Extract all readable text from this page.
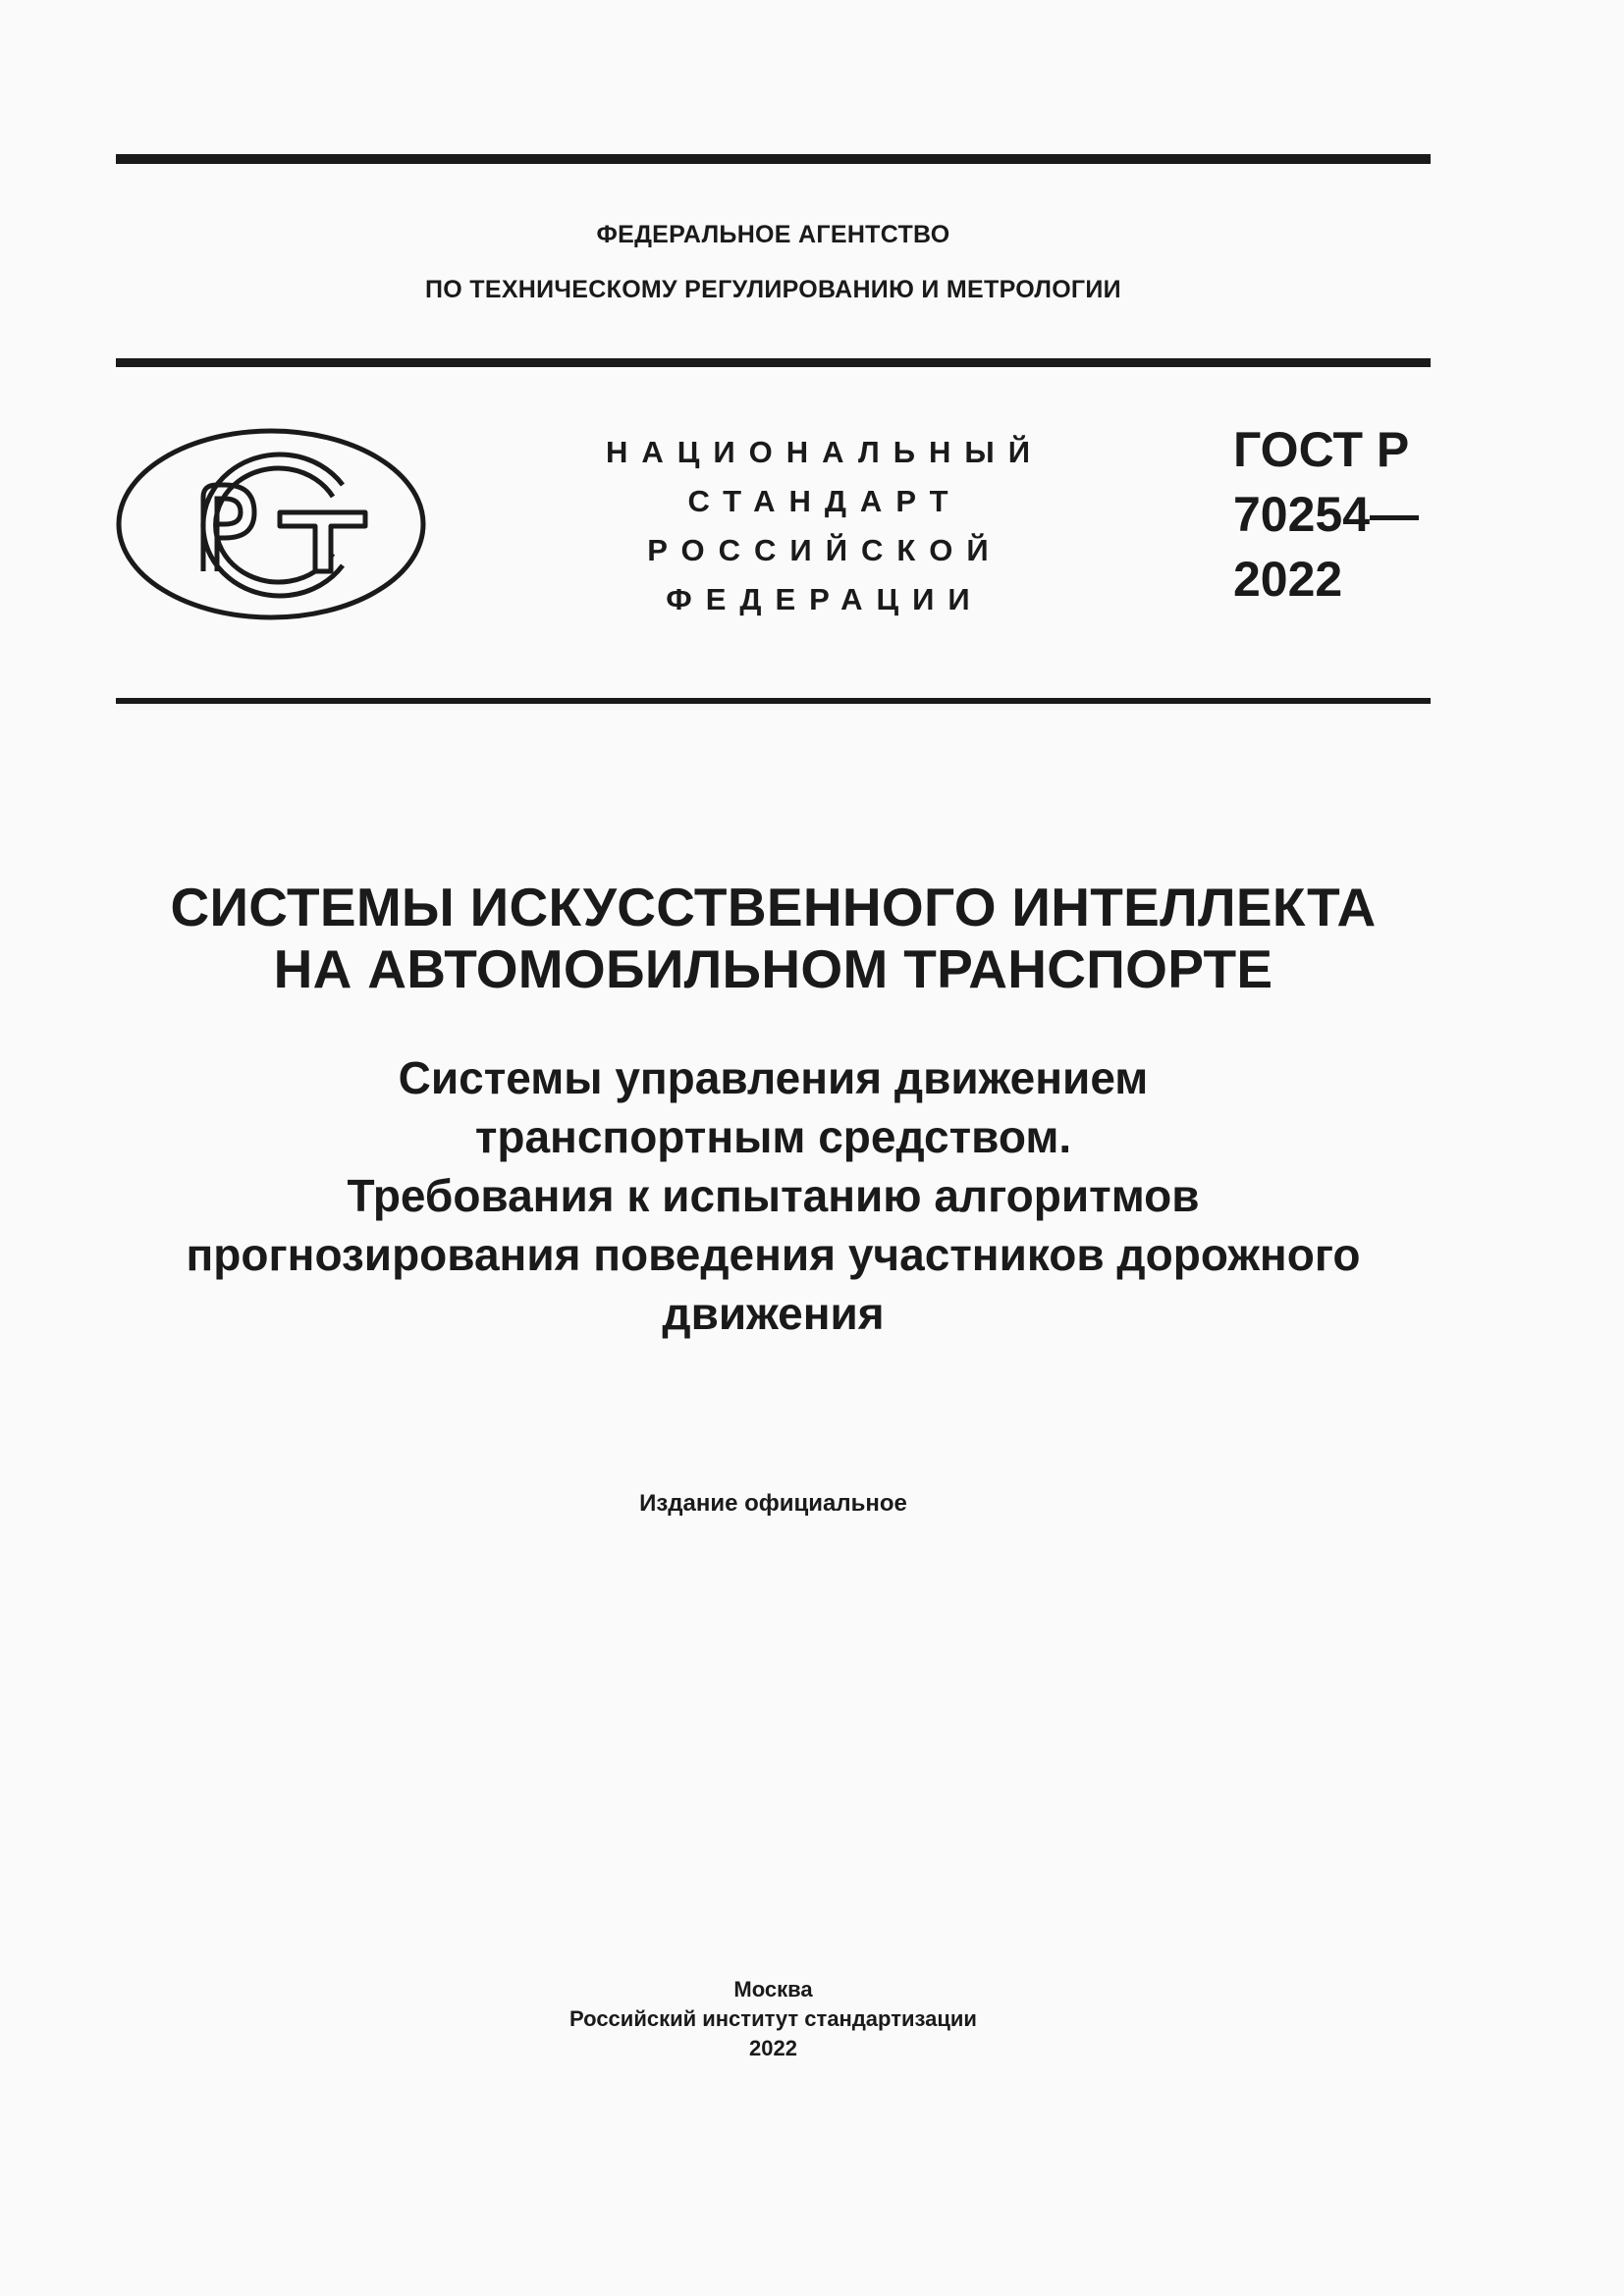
ФЕДЕРАЛЬНОЕ АГЕНТСТВО
ПО ТЕХНИЧЕСКОМУ РЕГУЛИРОВАНИЮ И МЕТРОЛОГИИ
НАЦИОНАЛЬНЫЙ
СТАНДАРТ
РОССИЙСКОЙ
ФЕДЕРАЦИИ
ГОСТ Р
70254—
2022
СИСТЕМЫ ИСКУССТВЕННОГО ИНТЕЛЛЕКТА
НА АВТОМОБИЛЬНОМ ТРАНСПОРТЕ
Системы управления движением
транспортным средством.
Требования к испытанию алгоритмов
прогнозирования поведения участников дорожного
движения
Издание официальное
Москва
Российский институт стандартизации
2022
